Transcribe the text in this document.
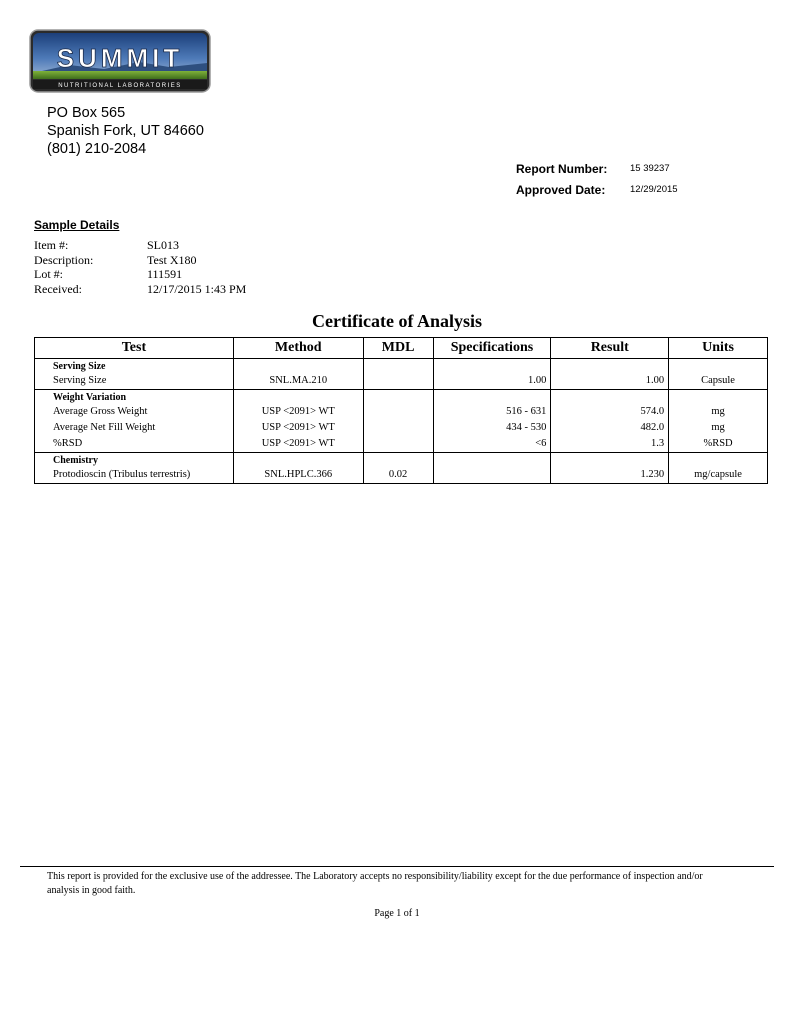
SUMMIT
NUTRITIONAL LABORATORIES
PO Box 565
Spanish Fork, UT 84660
(801) 210-2084
Report Number:	15 39237
Approved Date:	12/29/2015
Sample Details
Item #:	SL013
Description:	Test X180
Lot #:	111591
Received:	12/17/2015 1:43 PM
Certificate of Analysis
Test	Method	MDL	Specifications	Result	Units
Serving Size					
Serving Size	SNL.MA.210		1.00	1.00	Capsule
Weight Variation					
Average Gross Weight	USP <2091> WT		516 - 631	574.0	mg
Average Net Fill Weight	USP <2091> WT		434 - 530	482.0	mg
%RSD	USP <2091> WT		<6	1.3	%RSD
Chemistry					
Protodioscin (Tribulus terrestris)	SNL.HPLC.366	0.02		1.230	mg/capsule
This report is provided for the exclusive use of the addressee. The Laboratory accepts no responsibility/liability except for the due performance of inspection and/or analysis in good faith.
Page 1 of 1
